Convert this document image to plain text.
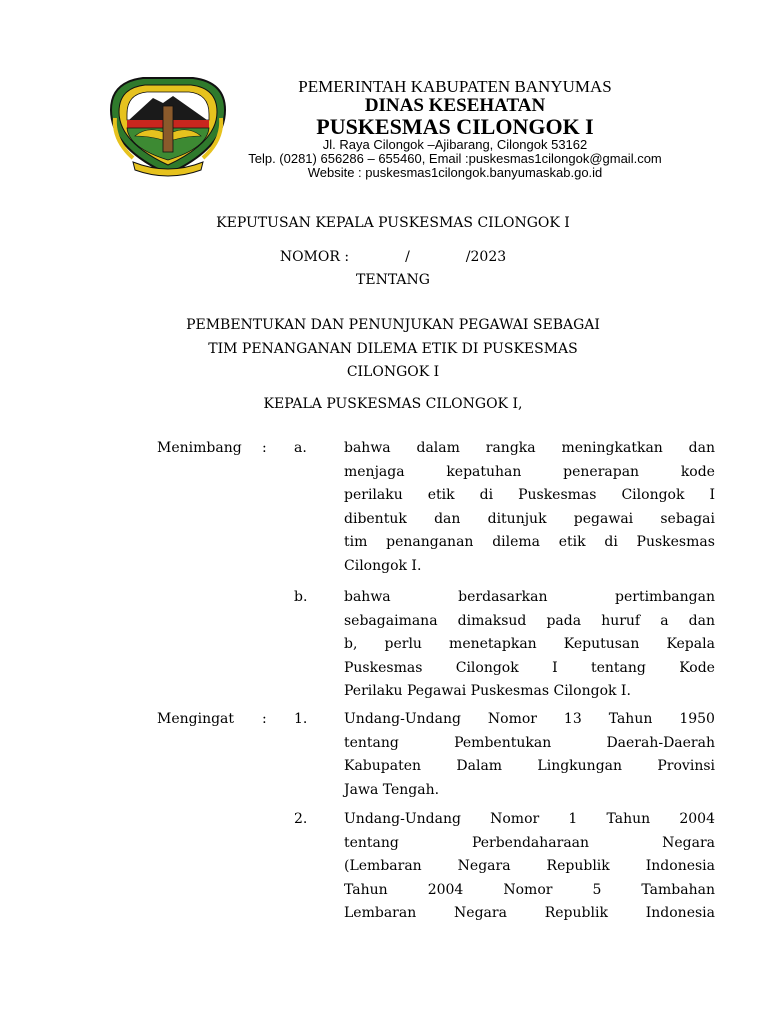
PEMERINTAH KABUPATEN BANYUMAS
DINAS KESEHATAN
PUSKESMAS CILONGOK I
Jl. Raya Cilongok –Ajibarang, Cilongok 53162
Telp. (0281) 656286 – 655460, Email :puskesmas1cilongok@gmail.com
Website : puskesmas1cilongok.banyumaskab.go.id
KEPUTUSAN KEPALA PUSKESMAS CILONGOK I
NOMOR :	/	/2023
TENTANG
PEMBENTUKAN DAN PENUNJUKAN PEGAWAI SEBAGAI
TIM PENANGANAN DILEMA ETIK DI PUSKESMAS
CILONGOK I
KEPALA PUSKESMAS CILONGOK I,
Menimbang : a.	bahwa dalam rangka meningkatkan dan
menjaga	kepatuhan	penerapan	kode
perilaku etik di Puskesmas Cilongok I
dibentuk dan ditunjuk pegawai sebagai
tim penanganan dilema etik di Puskesmas
Cilongok I.
b.	bahwa	berdasarkan	pertimbangan
sebagaimana dimaksud pada huruf a dan
b, perlu menetapkan Keputusan Kepala
Puskesmas Cilongok I tentang Kode
Perilaku Pegawai Puskesmas Cilongok I.
Mengingat : 1.	Undang-Undang Nomor 13 Tahun 1950
tentang	Pembentukan	Daerah-Daerah
Kabupaten	Dalam	Lingkungan	Provinsi
Jawa Tengah.
2.	Undang-Undang Nomor 1 Tahun 2004
tentang	Perbendaharaan	Negara
(Lembaran	Negara	Republik	Indonesia
Tahun	2004	Nomor	5	Tambahan
Lembaran	Negara	Republik	Indonesia
